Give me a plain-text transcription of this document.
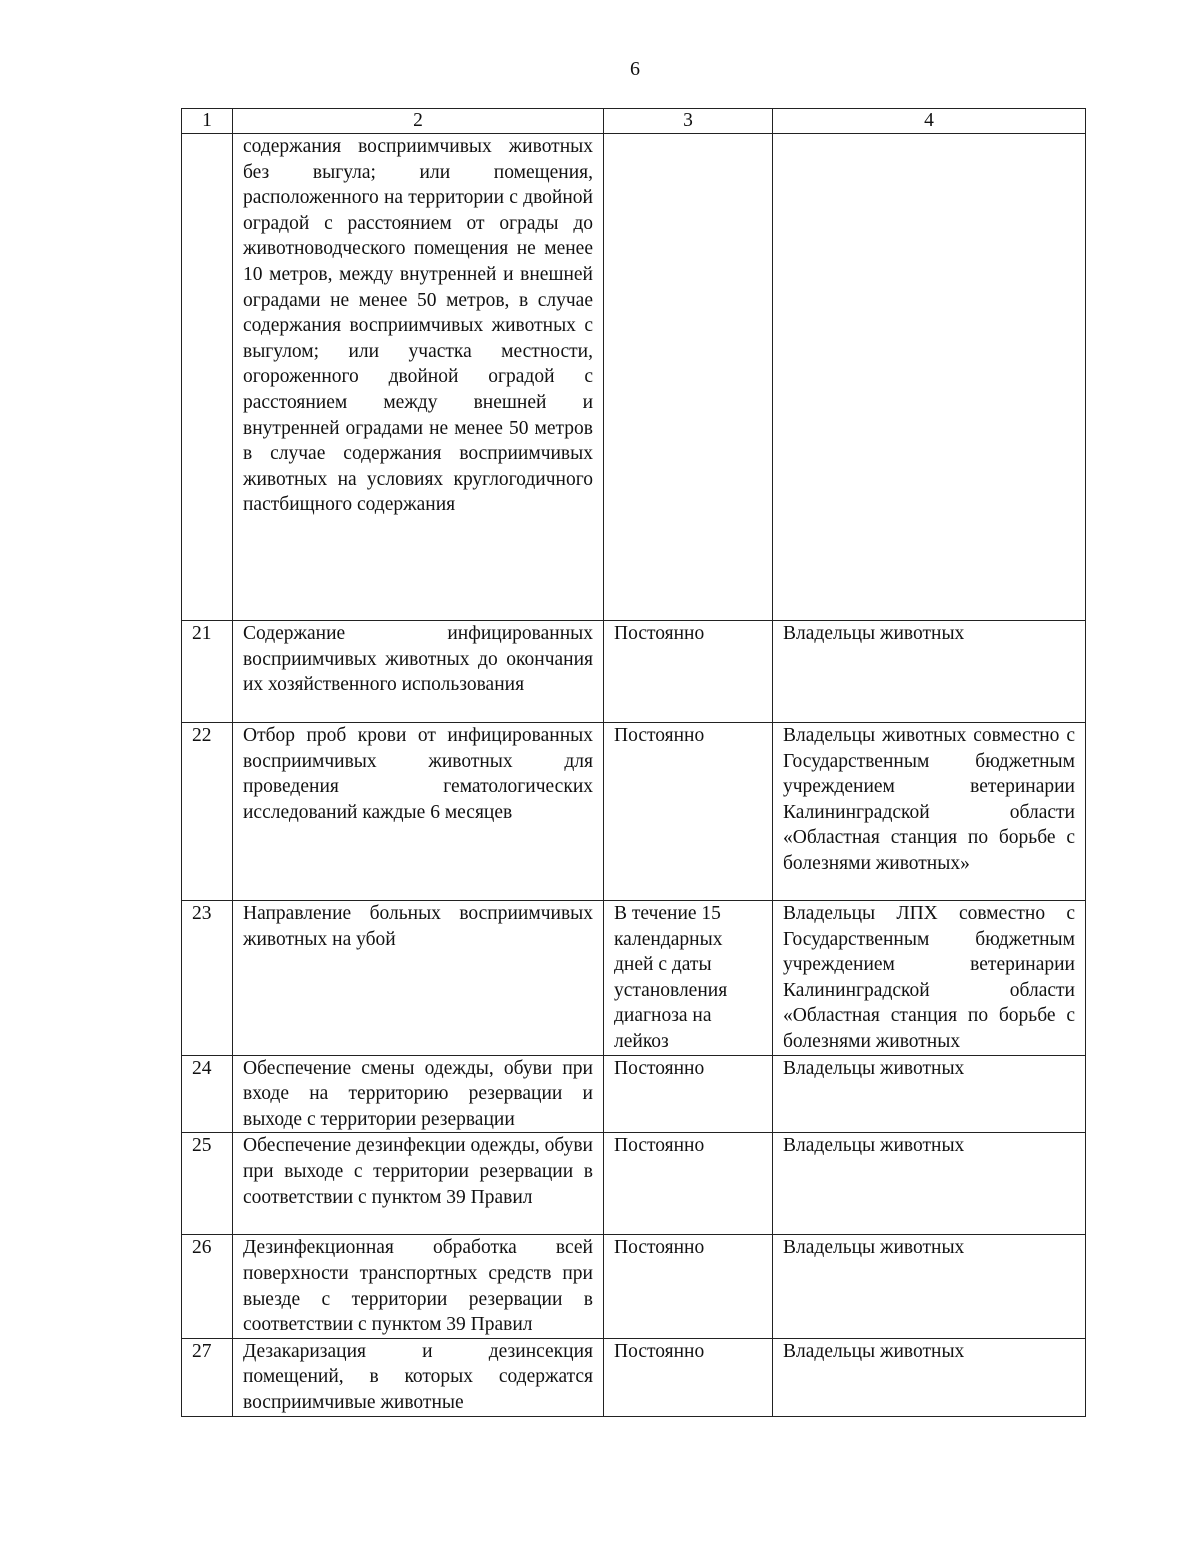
6
1	2	3	4
	содержания восприимчивых животных без выгула; или помещения, расположенного на территории с двойной оградой с расстоянием от ограды до животноводческого помещения не менее 10 метров, между внутренней и внешней оградами не менее 50 метров, в случае содержания восприимчивых животных с выгулом; или участка местности, огороженного двойной оградой с расстоянием между внешней и внутренней оградами не менее 50 метров в случае содержания восприимчивых животных на условиях круглогодичного пастбищного содержания		
21	Содержание инфицированных восприимчивых животных до окончания их хозяйственного использования	Постоянно	Владельцы животных
22	Отбор проб крови от инфицированных восприимчивых животных для проведения гематологических исследований каждые 6 месяцев	Постоянно	Владельцы животных совместно с Государственным бюджетным учреждением ветеринарии Калининградской области «Областная станция по борьбе с болезнями животных»
23	Направление больных восприимчивых животных на убой	В течение 15 календарных дней с даты установления диагноза на лейкоз	Владельцы ЛПХ совместно с Государственным бюджетным учреждением ветеринарии Калининградской области «Областная станция по борьбе с болезнями животных
24	Обеспечение смены одежды, обуви при входе на территорию резервации и выходе с территории резервации	Постоянно	Владельцы животных
25	Обеспечение дезинфекции одежды, обуви при выходе с территории резервации в соответствии с пунктом 39 Правил	Постоянно	Владельцы животных
26	Дезинфекционная обработка всей поверхности транспортных средств при выезде с территории резервации в соответствии с пунктом 39 Правил	Постоянно	Владельцы животных
27	Дезакаризация и дезинсекция помещений, в которых содержатся восприимчивые животные	Постоянно	Владельцы животных
